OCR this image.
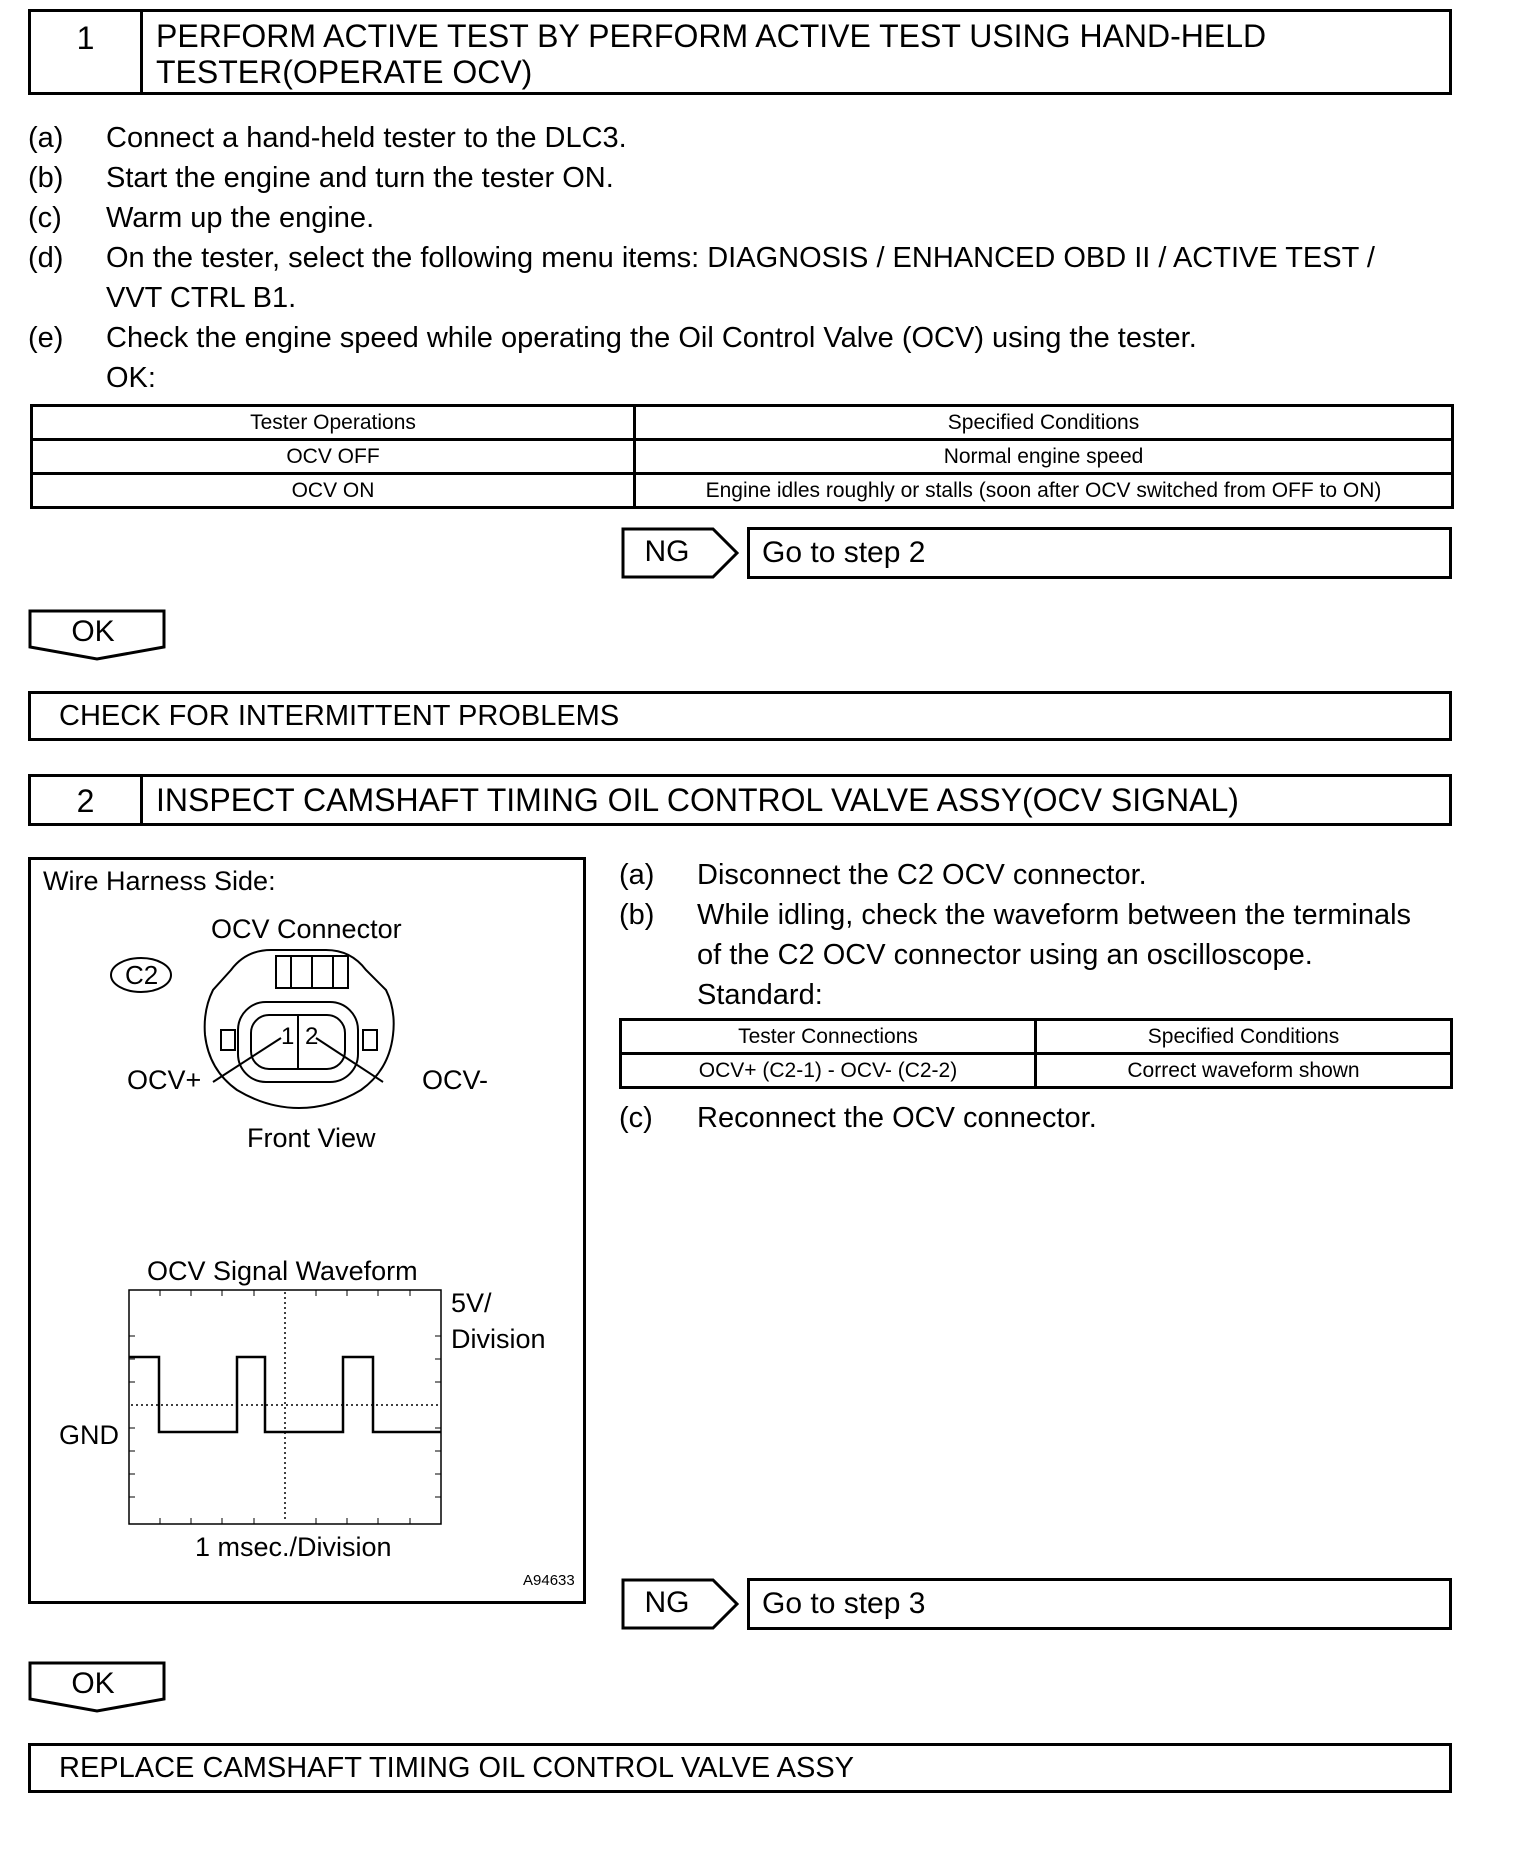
1	PERFORM ACTIVE TEST BY PERFORM ACTIVE TEST USING HAND-HELD
TESTER(OPERATE OCV)
(a) Connect a hand-held tester to the DLC3.
(b) Start the engine and turn the tester ON.
(c) Warm up the engine.
(d) On the tester, select the following menu items: DIAGNOSIS / ENHANCED OBD II / ACTIVE TEST /
VVT CTRL B1.
(e) Check the engine speed while operating the Oil Control Valve (OCV) using the tester.
OK:
Tester Operations	Specified Conditions
OCV OFF	Normal engine speed
OCV ON	Engine idles roughly or stalls (soon after OCV switched from OFF to ON)
NG	Go to step 2
OK
CHECK FOR INTERMITTENT PROBLEMS
2	INSPECT CAMSHAFT TIMING OIL CONTROL VALVE ASSY(OCV SIGNAL)
Wire Harness Side:
OCV Connector
C2
1 2
OCV+	OCV-
Front View
OCV Signal Waveform
5V/
Division
GND
1 msec./Division
A94633
(a) Disconnect the C2 OCV connector.
(b) While idling, check the waveform between the terminals
of the C2 OCV connector using an oscilloscope.
Standard:
Tester Connections	Specified Conditions
OCV+ (C2-1) - OCV- (C2-2)	Correct waveform shown
(c) Reconnect the OCV connector.
NG	Go to step 3
OK
REPLACE CAMSHAFT TIMING OIL CONTROL VALVE ASSY
